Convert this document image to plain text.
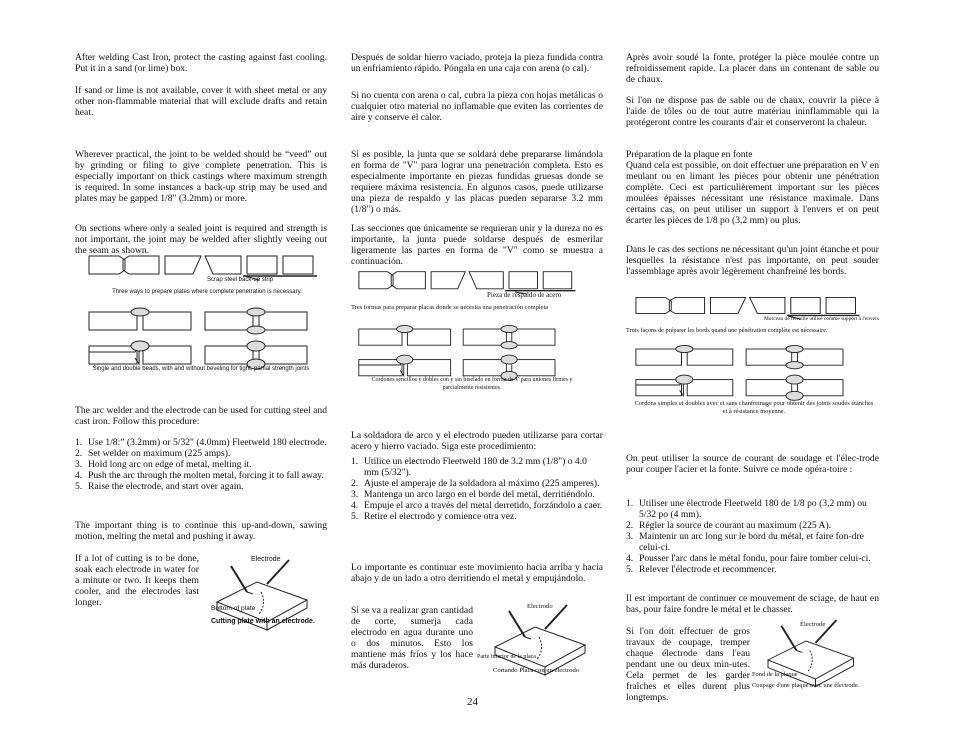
After welding Cast Iron, protect the casting against fast cooling. Put it in a sand (or lime) box.

If sand or lime is not available, cover it with sheet metal or any other non-flammable material that will exclude drafts and retain heat.

Wherever practical, the joint to be welded should be “veed” out by grinding or filing to give complete penetration. This is especially important on thick castings where maximum strength is required. In some instances a back-up strip may be used and plates may be gapped 1/8" (3.2mm) or more.

On sections where only a sealed joint is required and strength is not important, the joint may be welded after slightly veeing out the seam as shown.

Scrap steel back-up strip
Three ways to prepare plates where complete penetration is necessary.
Single and double beads, with and without beveling for tight, partial strength joints

The arc welder and the electrode can be used for cutting steel and cast iron. Follow this procedure:

1. Use 1/8:” (3.2mm) or 5/32" (4.0mm) Fleetweld 180 electrode.
2. Set welder on maximum (225 amps).
3. Hold long arc on edge of metal, melting it.
4. Push the arc through the molten metal, forcing it to fall away.
5. Raise the electrode, and start over again.

The important thing is to continue this up-and-down, sawing motion, melting the metal and pushing it away.

If a lot of cutting is to be done, soak each electrode in water for a minute or two. It keeps them cooler, and the electrodes last longer.

Electrode
Bottom of plate
Cutting plate with an electrode.

Después de soldar hierro vaciado, proteja la pieza fundida contra un enfriamiento rápido. Póngala en una caja con arena (o cal).

Si no cuenta con arena o cal, cubra la pieza con hojas metálicas o cualquier otro material no inflamable que eviten las corrientes de aire y conserve el calor.

Si es posible, la junta que se soldará debe prepararse limándola en forma de "V" para lograr una penetración completa. Esto es especialmente importante en piezas fundidas gruesas donde se requiere máxima resistencia. En algunos casos, puede utilizarse una pieza de respaldo y las placas pueden separarse 3.2 mm (1/8") o más.

Las secciones que únicamente se requieran unir y la dureza no es importante, la junta puede soldarse después de esmerilar ligeramente las partes en forma de "V" como se muestra a continuación.

Pieza de respaldo de acero
Tres formas para preparar placas donde se necesita una penetración completa
Cordones sencillos y dobles con y sin biselado en forma de V para uniones firmes y parcialmente resistentes.

La soldadora de arco y el electrodo pueden utilizarse para cortar acero y hierro vaciado. Siga este procedimiento:

1. Utilice un electrodo Fleetweld 180 de 3.2 mm (1/8") o 4.0 mm (5/32").
2. Ajuste el amperaje de la soldadora al máximo (225 amperes).
3. Mantenga un arco largo en el borde del metal, derritiéndolo.
4. Empuje el arco a través del metal derretido, forzándolo a caer.
5. Retire el electrodo y comience otra vez.

Lo importante es continuar este movimiento hacia arriba y hacia abajo y de un lado a otro derritiendo el metal y empujándolo.

Si se va a realizar gran cantidad de corte, sumerja cada electrodo en agua durante uno o dos minutos. Esto los mantiene más fríos y los hace más duraderos.

Electrodo
Parte inferior de la placa
Cortando Placa con un electrodo

Après avoir soudé la fonte, protéger la pièce moulée contre un refroidissement rapide. La placer dans un contenant de sable ou de chaux.

Si l'on ne dispose pas de sable ou de chaux, couvrir la pièce à l'aide de tôles ou de tout autre matériau ininflammable qui la protégeront contre les courants d'air et conserveront la chaleur.

Préparation de la plaque en fonte

Quand cela est possible, on doit effectuer une préparation en V en meulant ou en limant les pièces pour obtenir une pénétration complète. Ceci est particulièrement important sur les pièces moulées épaisses nécessitant une résistance maximale. Dans certains cas, on peut utiliser un support à l'envers et on peut écarter les pièces de 1/8 po (3,2 mm) ou plus.

Dans le cas des sections ne nécessitant qu'un joint étanche et pour lesquelles la résistance n'est pas importante, on peut souder l'assemblage après avoir légèrement chanfreiné les bords.

Morceau de ferraille utilisé comme support à l'envers
Trois façons de préparer les bords quand une pénétration complète est nécessaire.
Cordons simples et doubles avec et sans chanfreinage pour obtenir des joints soudés étanches et à résistance moyenne.

On peut utiliser la source de courant de soudage et l'élec-trode pour couper l'acier et la fonte. Suivre ce mode opéra-toire :

1. Utiliser une électrode Fleetweld 180 de 1/8 po (3,2 mm) ou 5/32 po (4 mm).
2. Régler la source de courant au maximum (225 A).
3. Maintenir un arc long sur le bord du métal, et faire fon-dre celui-ci.
4. Pousser l'arc dans le métal fondu, pour faire tomber celui-ci.
5. Relever l'électrode et recommencer.

Il est important de continuer ce mouvement de sciage, de haut en bas, pour faire fondre le métal et le chasser.

Si l'on doit effectuer de gros travaux de coupage, tremper chaque électrode dans l'eau pendant une ou deux min-utes. Cela permet de les garder fraîches et elles durent plus longtemps.

Électrode
Fond de la plaque
Coupage d'une plaque avec une électrode.
24
